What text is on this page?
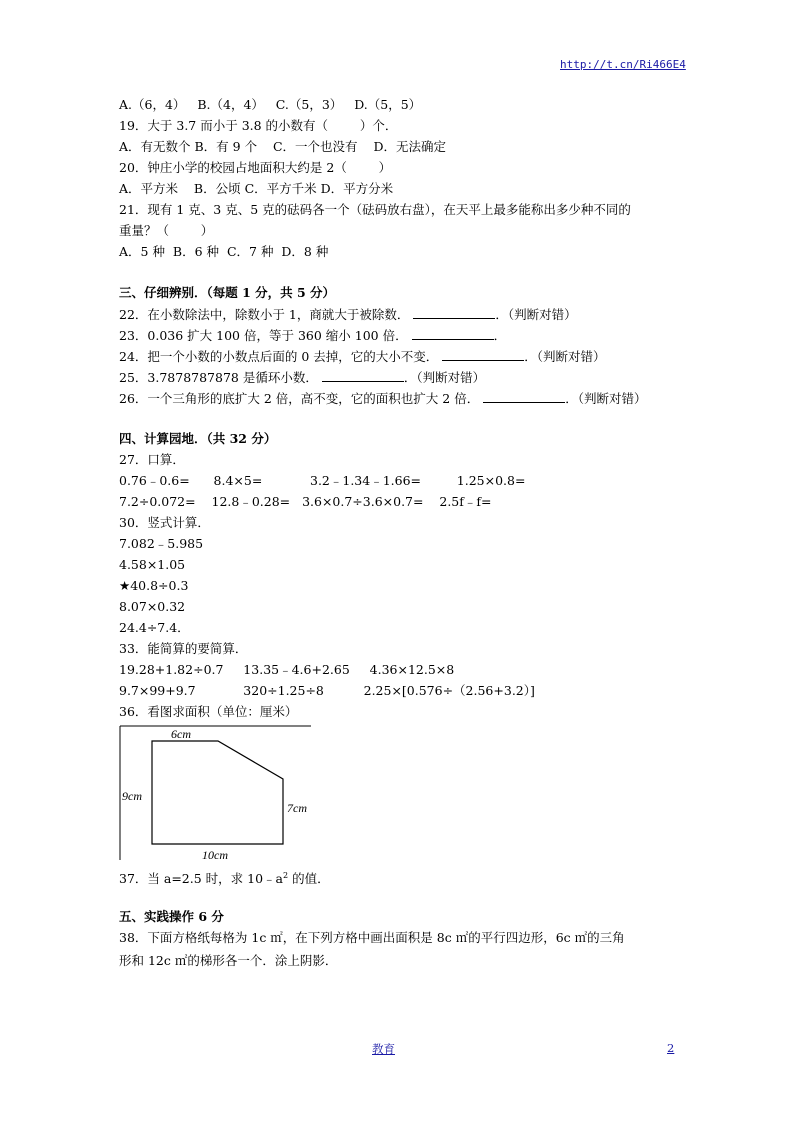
http://t.cn/Ri466E4
A.（6，4）   B.（4，4）   C.（5，3）   D.（5，5）
19．大于 3.7 而小于 3.8 的小数有（        ）个．
A．有无数个 B．有 9 个    C．一个也没有    D．无法确定
20．钟庄小学的校园占地面积大约是 2（        ）
A．平方米    B．公顷 C．平方千米 D．平方分米
21．现有 1 克、3 克、5 克的砝码各一个（砝码放右盘），在天平上最多能称出多少种不同的
重量？（        ）
A．5 种  B．6 种  C．7 种  D．8 种
三、仔细辨别．（每题 1 分，共 5 分）
22．在小数除法中，除数小于 1，商就大于被除数．	．（判断对错）
23．0.036 扩大 100 倍，等于 360 缩小 100 倍．	．
24．把一个小数的小数点后面的 0 去掉，它的大小不变．	．（判断对错）
25．3.7878787878 是循环小数．	．（判断对错）
26．一个三角形的底扩大 2 倍，高不变，它的面积也扩大 2 倍．	．（判断对错）
四、计算园地．（共 32 分）
27．口算．
0.76﹣0.6=      8.4×5=            3.2﹣1.34﹣1.66=         1.25×0.8=
7.2÷0.072=    12.8﹣0.28=   3.6×0.7÷3.6×0.7=    2.5f﹣f=
30．竖式计算．
7.082﹣5.985
4.58×1.05
★40.8÷0.3
8.07×0.32
24.4÷7.4．
33．能简算的要简算．
19.28+1.82÷0.7     13.35﹣4.6+2.65     4.36×12.5×8
9.7×99+9.7            320÷1.25÷8          2.25×[0.576÷（2.56+3.2）]
36．看图求面积（单位：厘米）
6cm
9cm
7cm
10cm
37．当 a=2.5 时，求 $10﹣a^2$ 的值．
五、实践操作 6 分
38．下面方格纸每格为 1c ㎡，在下列方格中画出面积是 8c ㎡的平行四边形，6c ㎡的三角
形和 12c ㎡的梯形各一个．涂上阴影．
教育	2
